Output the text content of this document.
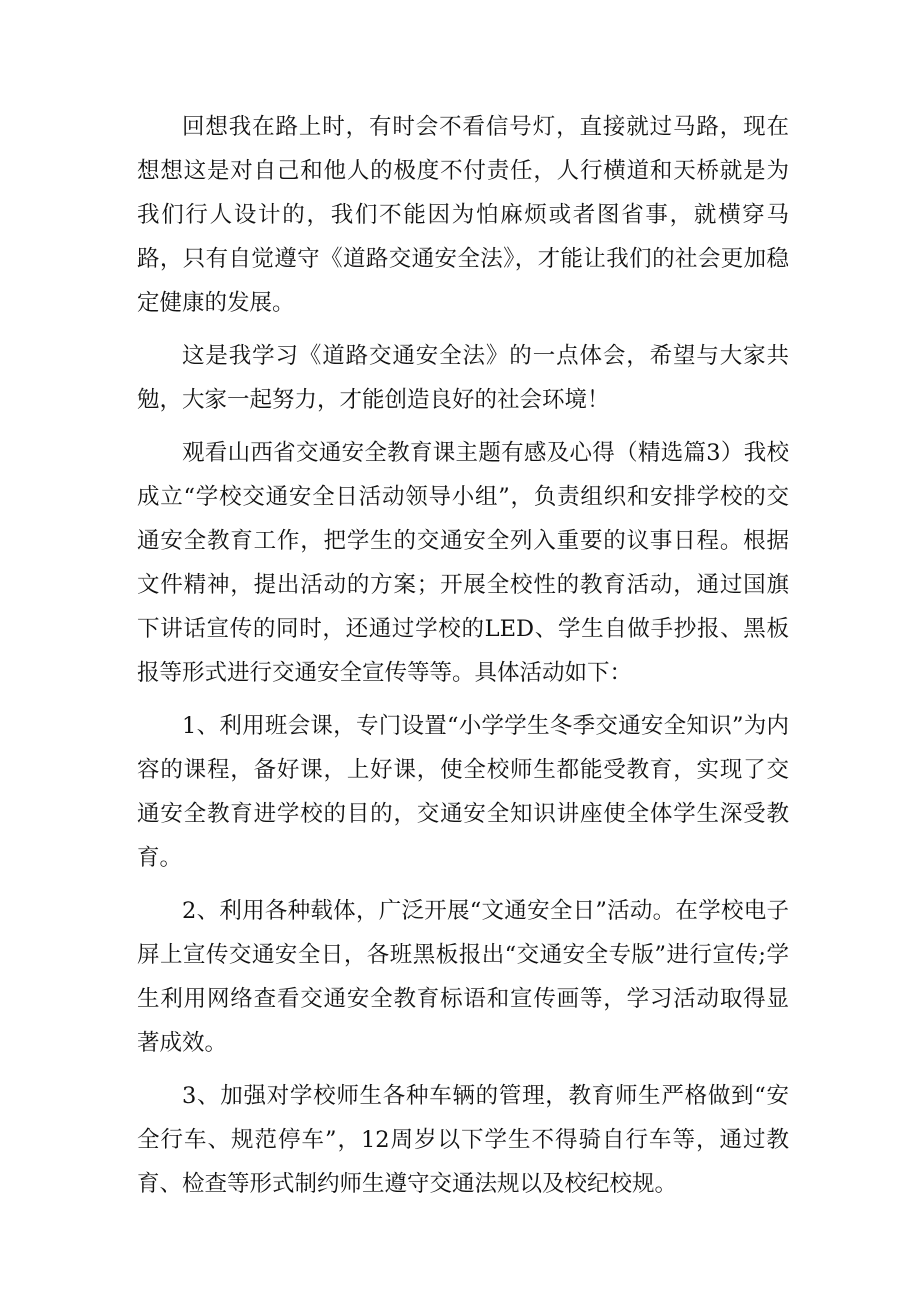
回想我在路上时，有时会不看信号灯，直接就过马路，现在想想这是对自己和他人的极度不付责任，人行横道和天桥就是为我们行人设计的，我们不能因为怕麻烦或者图省事，就横穿马路，只有自觉遵守《道路交通安全法》，才能让我们的社会更加稳定健康的发展。

这是我学习《道路交通安全法》的一点体会，希望与大家共勉，大家一起努力，才能创造良好的社会环境！

观看山西省交通安全教育课主题有感及心得（精选篇3）我校成立“学校交通安全日活动领导小组”，负责组织和安排学校的交通安全教育工作，把学生的交通安全列入重要的议事日程。根据文件精神，提出活动的方案；开展全校性的教育活动，通过国旗下讲话宣传的同时，还通过学校的LED、学生自做手抄报、黑板报等形式进行交通安全宣传等等。具体活动如下：

1、利用班会课，专门设置“小学学生冬季交通安全知识”为内容的课程，备好课，上好课，使全校师生都能受教育，实现了交通安全教育进学校的目的，交通安全知识讲座使全体学生深受教育。

2、利用各种载体，广泛开展“文通安全日”活动。在学校电子屏上宣传交通安全日，各班黑板报出“交通安全专版”进行宣传;学生利用网络查看交通安全教育标语和宣传画等，学习活动取得显著成效。

3、加强对学校师生各种车辆的管理，教育师生严格做到“安全行车、规范停车”，12周岁以下学生不得骑自行车等，通过教育、检查等形式制约师生遵守交通法规以及校纪校规。
